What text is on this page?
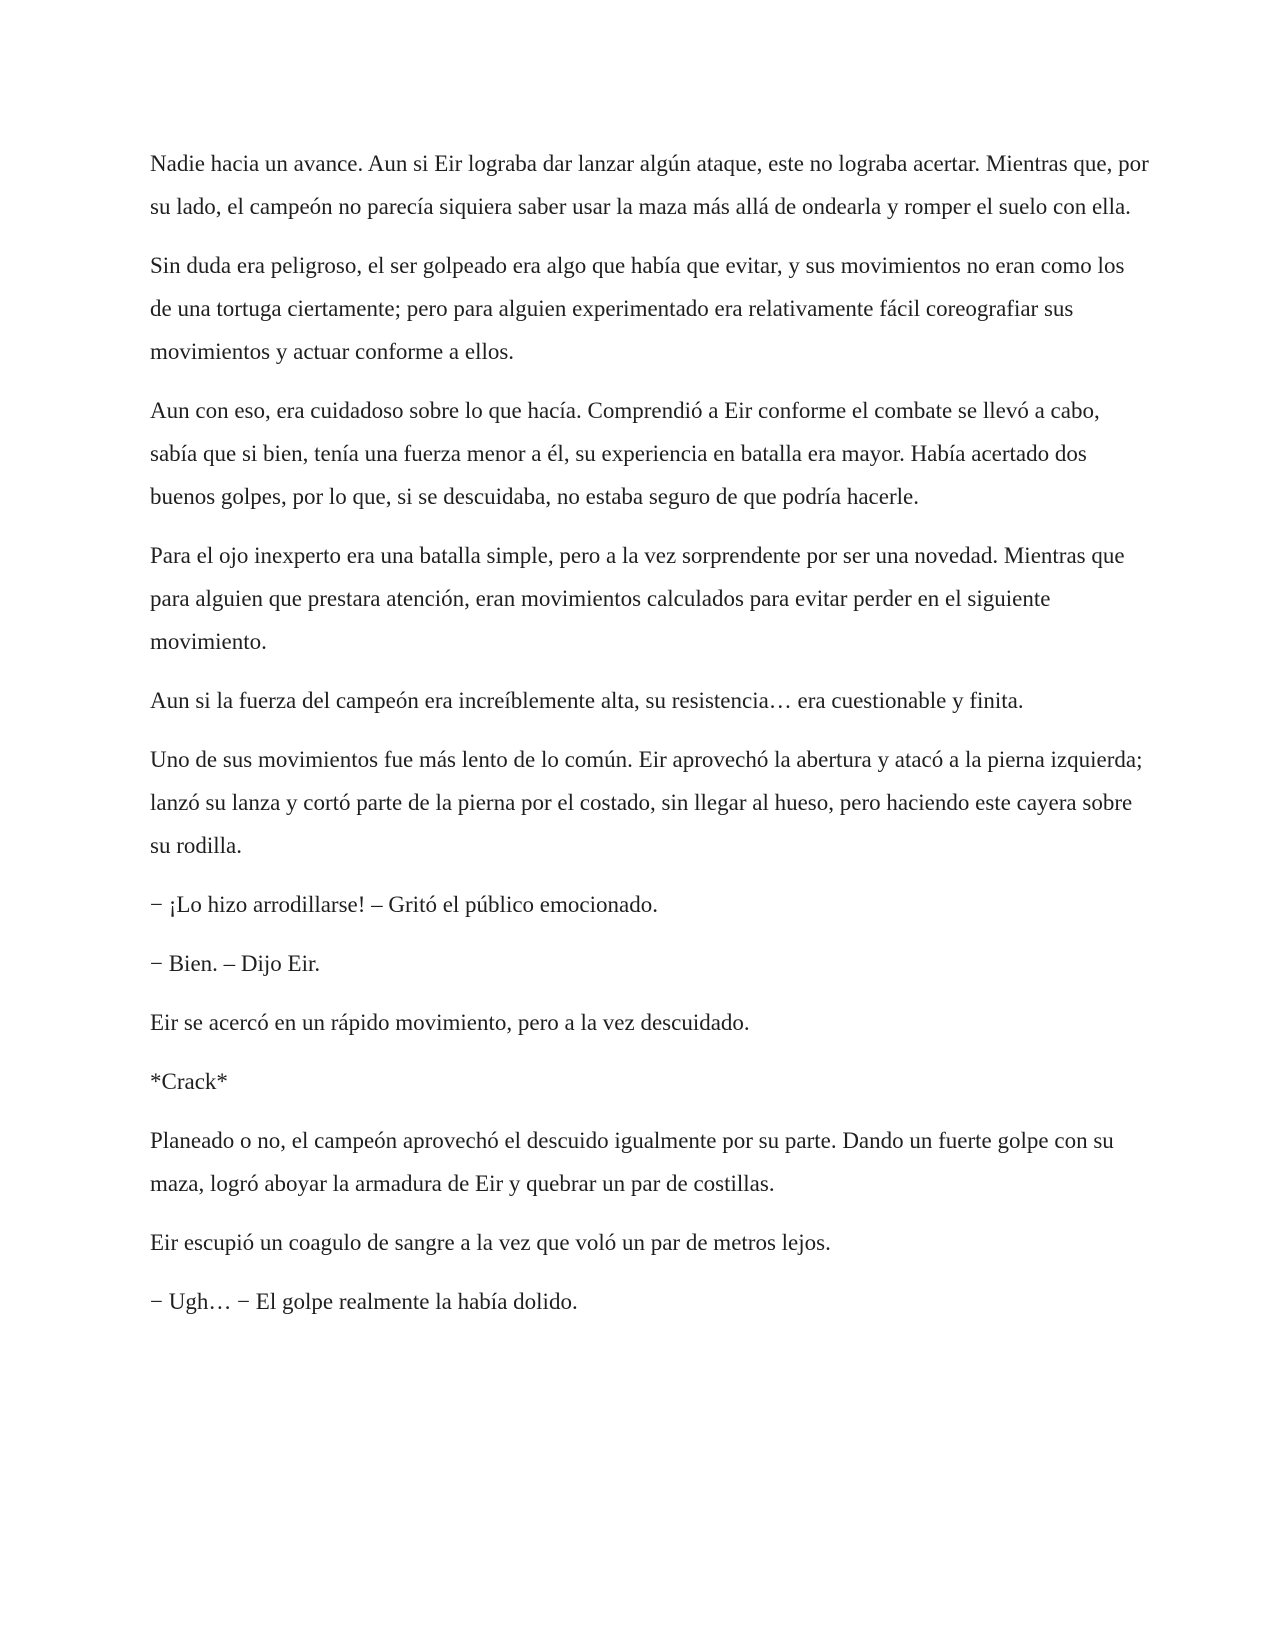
Nadie hacia un avance. Aun si Eir lograba dar lanzar algún ataque, este no lograba acertar. Mientras que, por su lado, el campeón no parecía siquiera saber usar la maza más allá de ondearla y romper el suelo con ella.

Sin duda era peligroso, el ser golpeado era algo que había que evitar, y sus movimientos no eran como los de una tortuga ciertamente; pero para alguien experimentado era relativamente fácil coreografiar sus movimientos y actuar conforme a ellos.

Aun con eso, era cuidadoso sobre lo que hacía. Comprendió a Eir conforme el combate se llevó a cabo, sabía que si bien, tenía una fuerza menor a él, su experiencia en batalla era mayor. Había acertado dos buenos golpes, por lo que, si se descuidaba, no estaba seguro de que podría hacerle.

Para el ojo inexperto era una batalla simple, pero a la vez sorprendente por ser una novedad. Mientras que para alguien que prestara atención, eran movimientos calculados para evitar perder en el siguiente movimiento.

Aun si la fuerza del campeón era increíblemente alta, su resistencia… era cuestionable y finita.

Uno de sus movimientos fue más lento de lo común. Eir aprovechó la abertura y atacó a la pierna izquierda; lanzó su lanza y cortó parte de la pierna por el costado, sin llegar al hueso, pero haciendo este cayera sobre su rodilla.

− ¡Lo hizo arrodillarse! – Gritó el público emocionado.

− Bien. – Dijo Eir.

Eir se acercó en un rápido movimiento, pero a la vez descuidado.

*Crack*

Planeado o no, el campeón aprovechó el descuido igualmente por su parte. Dando un fuerte golpe con su maza, logró aboyar la armadura de Eir y quebrar un par de costillas.

Eir escupió un coagulo de sangre a la vez que voló un par de metros lejos.

− Ugh… − El golpe realmente la había dolido.
